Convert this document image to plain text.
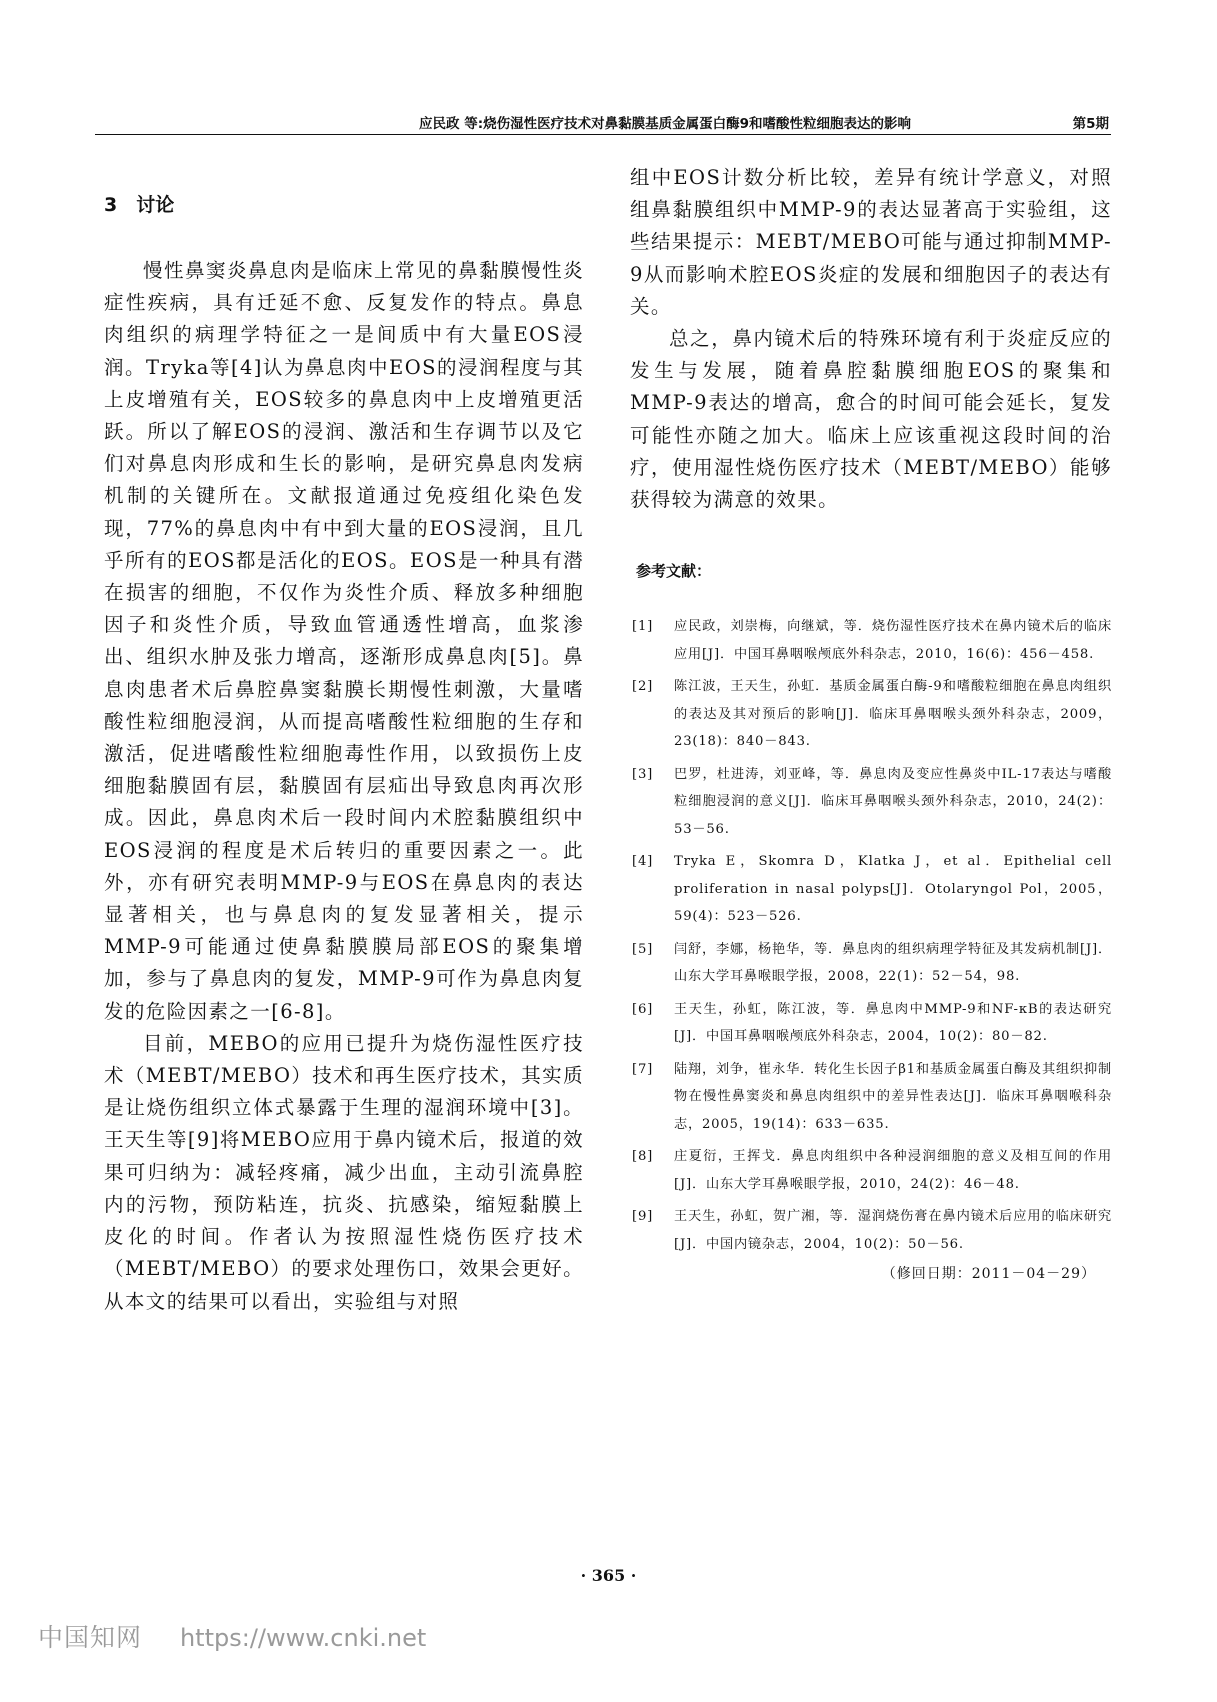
应民政 等:烧伤湿性医疗技术对鼻黏膜基质金属蛋白酶9和嗜酸性粒细胞表达的影响	第5期
3　讨论

慢性鼻窦炎鼻息肉是临床上常见的鼻黏膜慢性炎症性疾病，具有迁延不愈、反复发作的特点。鼻息肉组织的病理学特征之一是间质中有大量EOS浸润。Tryka等[4]认为鼻息肉中EOS的浸润程度与其上皮增殖有关，EOS较多的鼻息肉中上皮增殖更活跃。所以了解EOS的浸润、激活和生存调节以及它们对鼻息肉形成和生长的影响，是研究鼻息肉发病机制的关键所在。文献报道通过免疫组化染色发现，77%的鼻息肉中有中到大量的EOS浸润，且几乎所有的EOS都是活化的EOS。EOS是一种具有潜在损害的细胞，不仅作为炎性介质、释放多种细胞因子和炎性介质，导致血管通透性增高，血浆渗出、组织水肿及张力增高，逐渐形成鼻息肉[5]。鼻息肉患者术后鼻腔鼻窦黏膜长期慢性刺激，大量嗜酸性粒细胞浸润，从而提高嗜酸性粒细胞的生存和激活，促进嗜酸性粒细胞毒性作用，以致损伤上皮细胞黏膜固有层，黏膜固有层疝出导致息肉再次形成。因此，鼻息肉术后一段时间内术腔黏膜组织中EOS浸润的程度是术后转归的重要因素之一。此外，亦有研究表明MMP-9与EOS在鼻息肉的表达显著相关，也与鼻息肉的复发显著相关，提示MMP-9可能通过使鼻黏膜膜局部EOS的聚集增加，参与了鼻息肉的复发，MMP-9可作为鼻息肉复发的危险因素之一[6-8]。

目前，MEBO的应用已提升为烧伤湿性医疗技术（MEBT/MEBO）技术和再生医疗技术，其实质是让烧伤组织立体式暴露于生理的湿润环境中[3]。王天生等[9]将MEBO应用于鼻内镜术后，报道的效果可归纳为：减轻疼痛，减少出血，主动引流鼻腔内的污物，预防粘连，抗炎、抗感染，缩短黏膜上皮化的时间。作者认为按照湿性烧伤医疗技术（MEBT/MEBO）的要求处理伤口，效果会更好。从本文的结果可以看出，实验组与对照

组中EOS计数分析比较，差异有统计学意义，对照组鼻黏膜组织中MMP-9的表达显著高于实验组，这些结果提示：MEBT/MEBO可能与通过抑制MMP-9从而影响术腔EOS炎症的发展和细胞因子的表达有关。

总之，鼻内镜术后的特殊环境有利于炎症反应的发生与发展，随着鼻腔黏膜细胞EOS的聚集和MMP-9表达的增高，愈合的时间可能会延长，复发可能性亦随之加大。临床上应该重视这段时间的治疗，使用湿性烧伤医疗技术（MEBT/MEBO）能够获得较为满意的效果。

参考文献：
[1]	应民政，刘崇梅，向继斌，等．烧伤湿性医疗技术在鼻内镜术后的临床应用[J]．中国耳鼻咽喉颅底外科杂志，2010，16(6)：456－458.
[2]	陈江波，王天生，孙虹．基质金属蛋白酶-9和嗜酸粒细胞在鼻息肉组织的表达及其对预后的影响[J]．临床耳鼻咽喉头颈外科杂志，2009，23(18)：840－843.
[3]	巴罗，杜进涛，刘亚峰，等．鼻息肉及变应性鼻炎中IL-17表达与嗜酸粒细胞浸润的意义[J]．临床耳鼻咽喉头颈外科杂志，2010，24(2)：53－56.
[4]	Tryka E，Skomra D，Klatka J，et al．Epithelial cell proliferation in nasal polyps[J]．Otolaryngol Pol，2005，59(4)：523－526.
[5]	闫舒，李娜，杨艳华，等．鼻息肉的组织病理学特征及其发病机制[J]．山东大学耳鼻喉眼学报，2008，22(1)：52－54，98.
[6]	王天生，孙虹，陈江波，等．鼻息肉中MMP-9和NF-κB的表达研究[J]．中国耳鼻咽喉颅底外科杂志，2004，10(2)：80－82.
[7]	陆翔，刘争，崔永华．转化生长因子β1和基质金属蛋白酶及其组织抑制物在慢性鼻窦炎和鼻息肉组织中的差异性表达[J]．临床耳鼻咽喉科杂志，2005，19(14)：633－635.
[8]	庄夏衍，王挥戈．鼻息肉组织中各种浸润细胞的意义及相互间的作用[J]．山东大学耳鼻喉眼学报，2010，24(2)：46－48.
[9]	王天生，孙虹，贺广湘，等．湿润烧伤膏在鼻内镜术后应用的临床研究[J]．中国内镜杂志，2004，10(2)：50－56.
（修回日期：2011－04－29）
· 365 ·
中国知网 https://www.cnki.net
